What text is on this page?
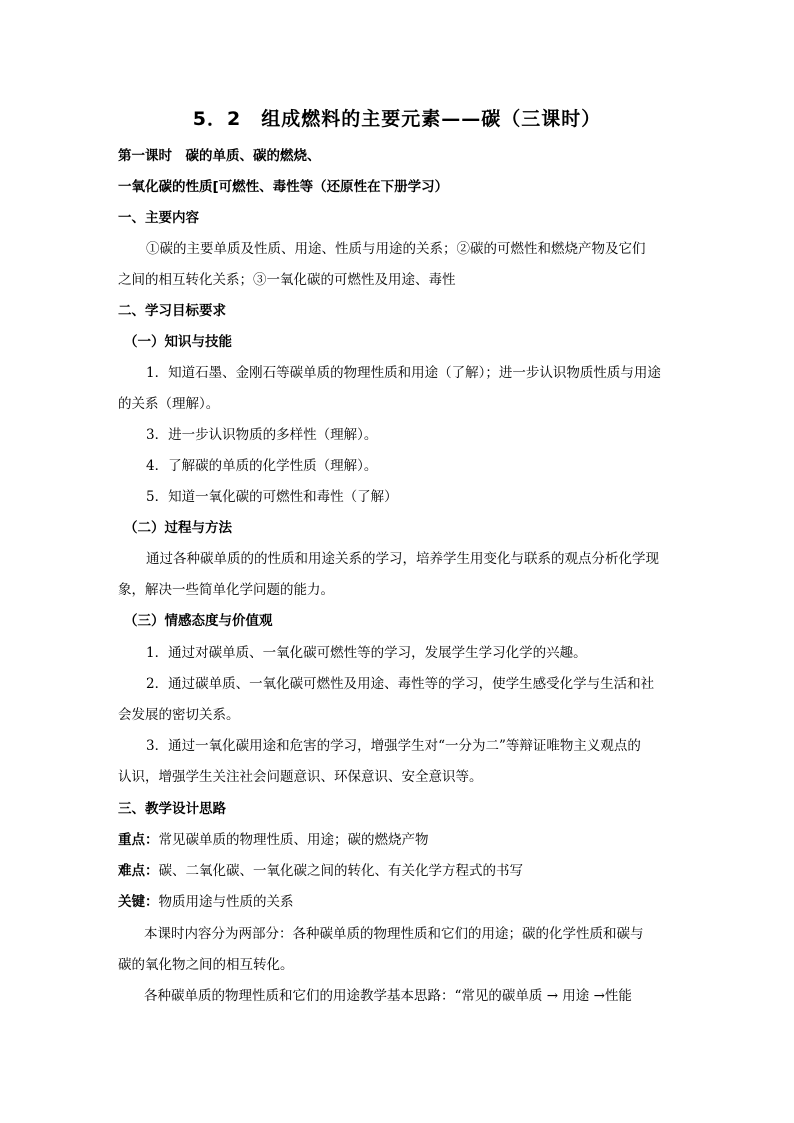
5．2　组成燃料的主要元素——碳（三课时）
第一课时　碳的单质、碳的燃烧、
一氧化碳的性质[可燃性、毒性等（还原性在下册学习）
一、主要内容
①碳的主要单质及性质、用途、性质与用途的关系；②碳的可燃性和燃烧产物及它们
之间的相互转化关系；③一氧化碳的可燃性及用途、毒性
二、学习目标要求
（一）知识与技能
1．知道石墨、金刚石等碳单质的物理性质和用途（了解）；进一步认识物质性质与用途
的关系（理解）。
3．进一步认识物质的多样性（理解）。
4．了解碳的单质的化学性质（理解）。
5．知道一氧化碳的可燃性和毒性（了解）
（二）过程与方法
通过各种碳单质的的性质和用途关系的学习，培养学生用变化与联系的观点分析化学现
象，解决一些简单化学问题的能力。
（三）情感态度与价值观
1．通过对碳单质、一氧化碳可燃性等的学习，发展学生学习化学的兴趣。
2．通过碳单质、一氧化碳可燃性及用途、毒性等的学习，使学生感受化学与生活和社
会发展的密切关系。
3．通过一氧化碳用途和危害的学习，增强学生对“一分为二”等辩证唯物主义观点的
认识，增强学生关注社会问题意识、环保意识、安全意识等。
三、教学设计思路
重点：常见碳单质的物理性质、用途；碳的燃烧产物
难点：碳、二氧化碳、一氧化碳之间的转化、有关化学方程式的书写
关键：物质用途与性质的关系
本课时内容分为两部分：各种碳单质的物理性质和它们的用途；碳的化学性质和碳与
碳的氧化物之间的相互转化。
各种碳单质的物理性质和它们的用途教学基本思路：“常见的碳单质 → 用途 →性能
